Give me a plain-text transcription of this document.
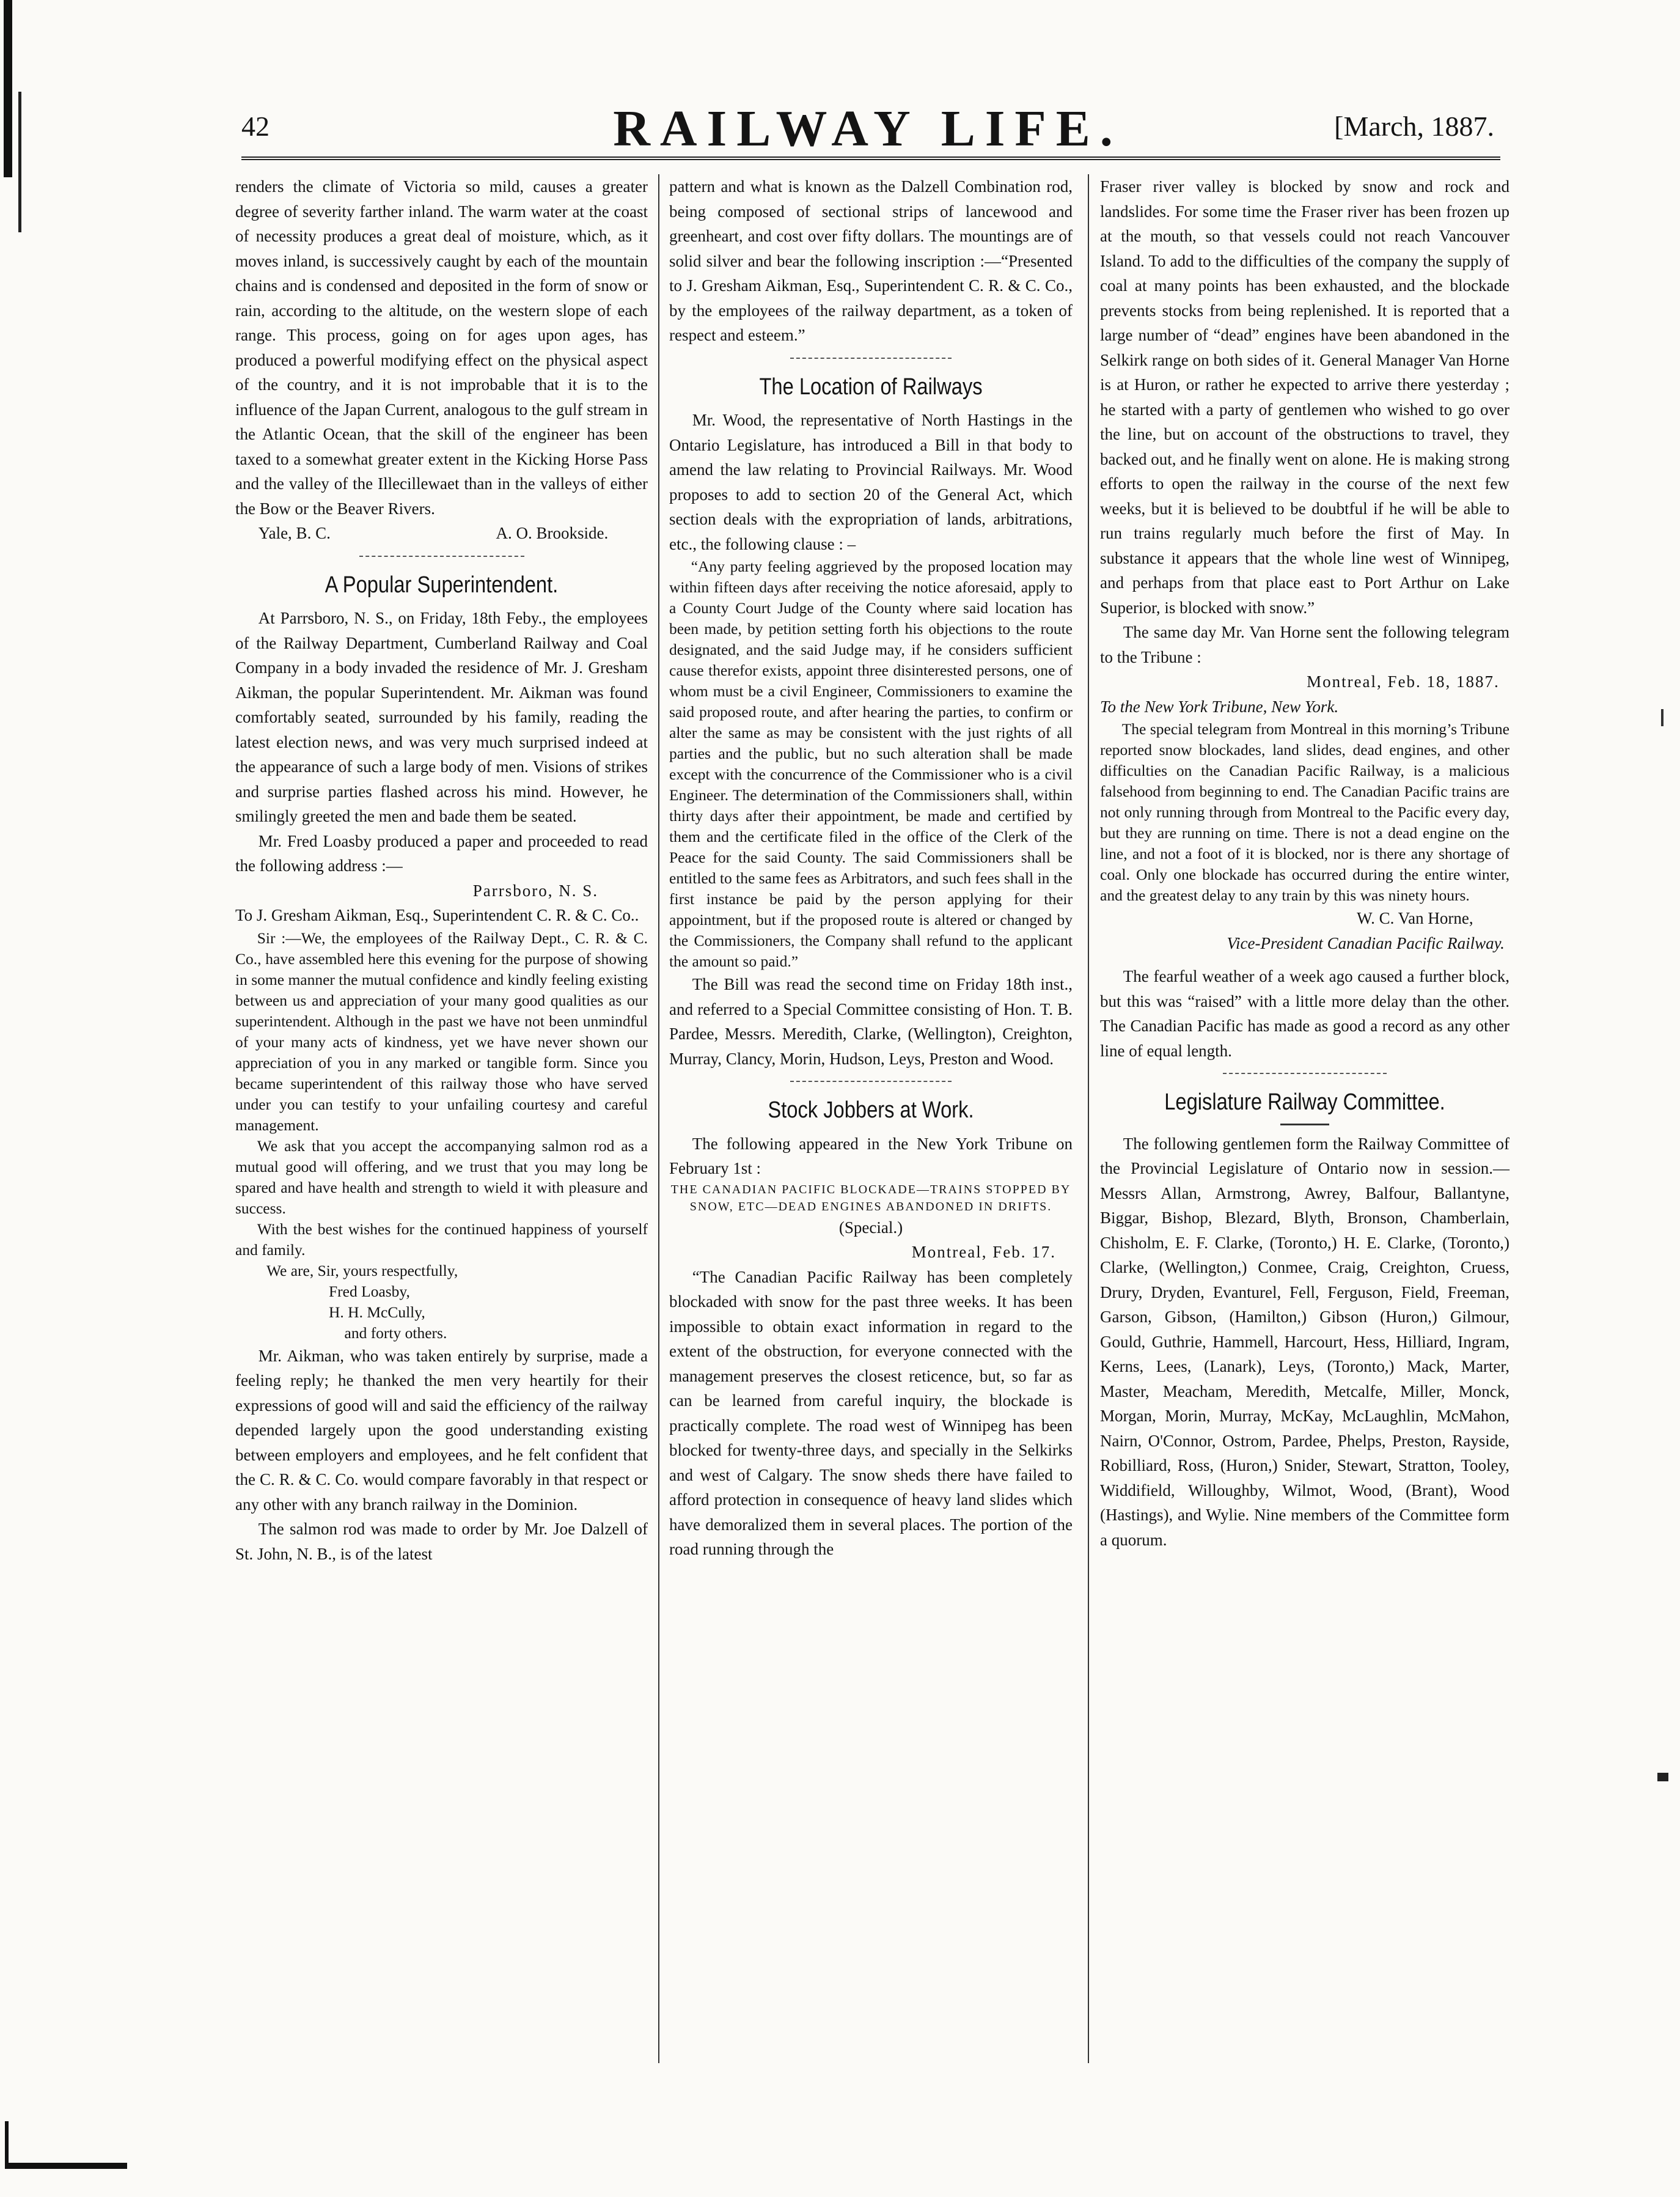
42	RAILWAY LIFE.	[March, 1887.

renders the climate of Victoria so mild, causes a greater degree of severity farther inland. The warm water at the coast of necessity produces a great deal of moisture, which, as it moves inland, is successively caught by each of the mountain chains and is condensed and deposited in the form of snow or rain, according to the altitude, on the western slope of each range. This process, going on for ages upon ages, has produced a powerful modifying effect on the physical aspect of the country, and it is not improbable that it is to the influence of the Japan Current, analogous to the gulf stream in the Atlantic Ocean, that the skill of the engineer has been taxed to a somewhat greater extent in the Kicking Horse Pass and the valley of the Illecillewaet than in the valleys of either the Bow or the Beaver Rivers.

Yale, B. C.	A. O. Brookside.
A Popular Superintendent.

At Parrsboro, N. S., on Friday, 18th Feby., the employees of the Railway Department, Cumberland Railway and Coal Company in a body invaded the residence of Mr. J. Gresham Aikman, the popular Superintendent. Mr. Aikman was found comfortably seated, surrounded by his family, reading the latest election news, and was very much surprised indeed at the appearance of such a large body of men. Visions of strikes and surprise parties flashed across his mind. However, he smilingly greeted the men and bade them be seated.

Mr. Fred Loasby produced a paper and proceeded to read the following address :—

Parrsboro, N. S.

To J. Gresham Aikman, Esq., Superintendent C. R. & C. Co..

Sir :—We, the employees of the Railway Dept., C. R. & C. Co., have assembled here this evening for the purpose of showing in some manner the mutual confidence and kindly feeling existing between us and appreciation of your many good qualities as our superintendent. Although in the past we have not been unmindful of your many acts of kindness, yet we have never shown our appreciation of you in any marked or tangible form. Since you became superintendent of this railway those who have served under you can testify to your unfailing courtesy and careful management.

We ask that you accept the accompanying salmon rod as a mutual good will offering, and we trust that you may long be spared and have health and strength to wield it with pleasure and success.

With the best wishes for the continued happiness of yourself and family.

We are, Sir, yours respectfully,

Fred Loasby,

H. H. McCully,

and forty others.

Mr. Aikman, who was taken entirely by surprise, made a feeling reply; he thanked the men very heartily for their expressions of good will and said the efficiency of the railway depended largely upon the good understanding existing between employers and employees, and he felt confident that the C. R. & C. Co. would compare favorably in that respect or any other with any branch railway in the Dominion.

The salmon rod was made to order by Mr. Joe Dalzell of St. John, N. B., is of the latest

pattern and what is known as the Dalzell Combination rod, being composed of sectional strips of lancewood and greenheart, and cost over fifty dollars. The mountings are of solid silver and bear the following inscription :—“Presented to J. Gresham Aikman, Esq., Superintendent C. R. & C. Co., by the employees of the railway department, as a token of respect and esteem.”

The Location of Railways

Mr. Wood, the representative of North Hastings in the Ontario Legislature, has introduced a Bill in that body to amend the law relating to Provincial Railways. Mr. Wood proposes to add to section 20 of the General Act, which section deals with the expropriation of lands, arbitrations, etc., the following clause : –

“Any party feeling aggrieved by the proposed location may within fifteen days after receiving the notice aforesaid, apply to a County Court Judge of the County where said location has been made, by petition setting forth his objections to the route designated, and the said Judge may, if he considers sufficient cause therefor exists, appoint three disinterested persons, one of whom must be a civil Engineer, Commissioners to examine the said proposed route, and after hearing the parties, to confirm or alter the same as may be consistent with the just rights of all parties and the public, but no such alteration shall be made except with the concurrence of the Commissioner who is a civil Engineer. The determination of the Commissioners shall, within thirty days after their appointment, be made and certified by them and the certificate filed in the office of the Clerk of the Peace for the said County. The said Commissioners shall be entitled to the same fees as Arbitrators, and such fees shall in the first instance be paid by the person applying for their appointment, but if the proposed route is altered or changed by the Commissioners, the Company shall refund to the applicant the amount so paid.”

The Bill was read the second time on Friday 18th inst., and referred to a Special Committee consisting of Hon. T. B. Pardee, Messrs. Meredith, Clarke, (Wellington), Creighton, Murray, Clancy, Morin, Hudson, Leys, Preston and Wood.

Stock Jobbers at Work.

The following appeared in the New York Tribune on February 1st :

THE CANADIAN PACIFIC BLOCKADE—TRAINS STOPPED BY SNOW, ETC—DEAD ENGINES ABANDONED IN DRIFTS.

(Special.)

Montreal, Feb. 17.

“The Canadian Pacific Railway has been completely blockaded with snow for the past three weeks. It has been impossible to obtain exact information in regard to the extent of the obstruction, for everyone connected with the management preserves the closest reticence, but, so far as can be learned from careful inquiry, the blockade is practically complete. The road west of Winnipeg has been blocked for twenty-three days, and specially in the Selkirks and west of Calgary. The snow sheds there have failed to afford protection in consequence of heavy land slides which have demoralized them in several places. The portion of the road running through the

Fraser river valley is blocked by snow and rock and landslides. For some time the Fraser river has been frozen up at the mouth, so that vessels could not reach Vancouver Island. To add to the difficulties of the company the supply of coal at many points has been exhausted, and the blockade prevents stocks from being replenished. It is reported that a large number of “dead” engines have been abandoned in the Selkirk range on both sides of it. General Manager Van Horne is at Huron, or rather he expected to arrive there yesterday ; he started with a party of gentlemen who wished to go over the line, but on account of the obstructions to travel, they backed out, and he finally went on alone. He is making strong efforts to open the railway in the course of the next few weeks, but it is believed to be doubtful if he will be able to run trains regularly much before the first of May. In substance it appears that the whole line west of Winnipeg, and perhaps from that place east to Port Arthur on Lake Superior, is blocked with snow.”

The same day Mr. Van Horne sent the following telegram to the Tribune :

Montreal, Feb. 18, 1887.

To the New York Tribune, New York.

The special telegram from Montreal in this morning’s Tribune reported snow blockades, land slides, dead engines, and other difficulties on the Canadian Pacific Railway, is a malicious falsehood from beginning to end. The Canadian Pacific trains are not only running through from Montreal to the Pacific every day, but they are running on time. There is not a dead engine on the line, and not a foot of it is blocked, nor is there any shortage of coal. Only one blockade has occurred during the entire winter, and the greatest delay to any train by this was ninety hours.

W. C. Van Horne,

Vice-President Canadian Pacific Railway.

The fearful weather of a week ago caused a further block, but this was “raised” with a little more delay than the other. The Canadian Pacific has made as good a record as any other line of equal length.

Legislature Railway Committee.

The following gentlemen form the Railway Committee of the Provincial Legislature of Ontario now in session.—Messrs Allan, Armstrong, Awrey, Balfour, Ballantyne, Biggar, Bishop, Blezard, Blyth, Bronson, Chamberlain, Chisholm, E. F. Clarke, (Toronto,) H. E. Clarke, (Toronto,) Clarke, (Wellington,) Conmee, Craig, Creighton, Cruess, Drury, Dryden, Evanturel, Fell, Ferguson, Field, Freeman, Garson, Gibson, (Hamilton,) Gibson (Huron,) Gilmour, Gould, Guthrie, Hammell, Harcourt, Hess, Hilliard, Ingram, Kerns, Lees, (Lanark), Leys, (Toronto,) Mack, Marter, Master, Meacham, Meredith, Metcalfe, Miller, Monck, Morgan, Morin, Murray, McKay, McLaughlin, McMahon, Nairn, O'Connor, Ostrom, Pardee, Phelps, Preston, Rayside, Robilliard, Ross, (Huron,) Snider, Stewart, Stratton, Tooley, Widdifield, Willoughby, Wilmot, Wood, (Brant), Wood (Hastings), and Wylie. Nine members of the Committee form a quorum.
